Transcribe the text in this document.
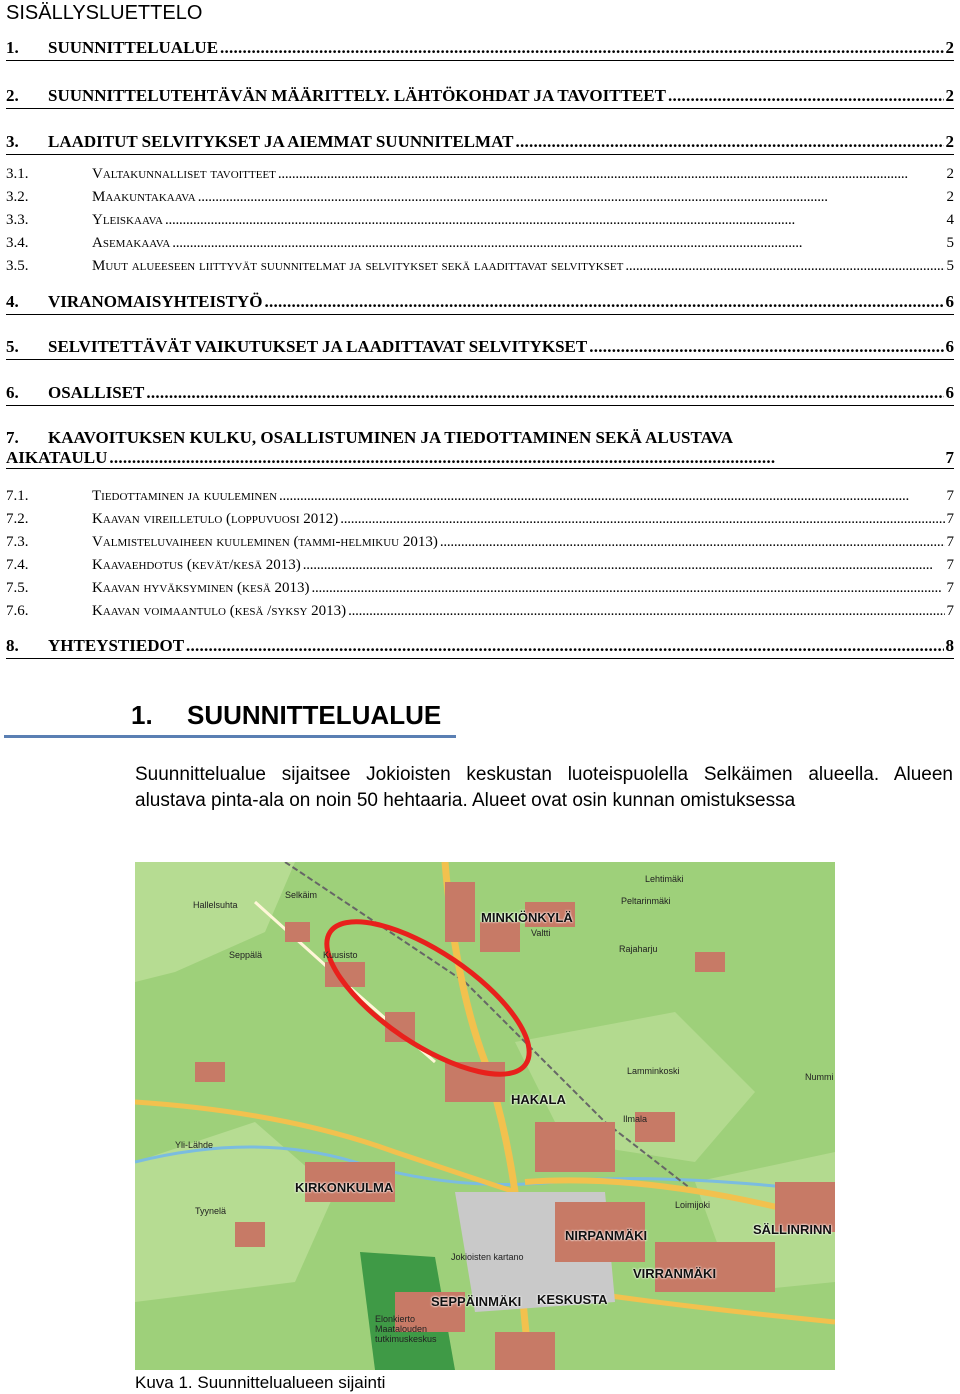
SISÄLLYSLUETTELO
1.	SUUNNITTELUALUE . . .	2
2.	SUUNNITTELUTEHTÄVÄN MÄÄRITTELY. LÄHTÖKOHDAT JA TAVOITTEET . . .	2
3.	LAADITUT SELVITYKSET JA AIEMMAT SUUNNITELMAT . . .	2
3.1.	Valtakunnalliset tavoitteet . . .	2
3.2.	Maakuntakaava . . .	2
3.3.	Yleiskaava . . .	4
3.4.	Asemakaava . . .	5
3.5.	Muut alueeseen liittyvät suunnitelmat ja selvitykset sekä laadittavat selvitykset . . .	5
4.	VIRANOMAISYHTEISTYÖ . . .	6
5.	SELVITETTÄVÄT VAIKUTUKSET JA LAADITTAVAT SELVITYKSET . . .	6
6.	OSALLISET . . .	6
7. KAAVOITUKSEN KULKU, OSALLISTUMINEN JA TIEDOTTAMINEN SEKÄ ALUSTAVA
AIKATAULU . . .	7
7.1.	Tiedottaminen ja kuuleminen . . .	7
7.2.	Kaavan vireilletulo (loppuvuosi 2012) . . .	7
7.3.	Valmisteluvaiheen kuuleminen (tammi-helmikuu 2013) . . .	7
7.4.	Kaavaehdotus (kevät/kesä 2013) . . .	7
7.5.	Kaavan hyväksyminen (kesä 2013) . . .	7
7.6.	Kaavan voimaantulo (kesä /syksy 2013) . . .	7
8.	YHTEYSTIEDOT . . .	8
1. SUUNNITTELUALUE
Suunnittelualue sijaitsee Jokioisten keskustan luoteispuolella Selkäimen alueella. Alueen alustava pinta-ala on noin 50 hehtaaria. Alueet ovat osin kunnan omistuksessa
MINKIÖNKYLÄ
HAKALA
KIRKONKULMA
NIRPANMÄKI	SÄLLINRINN
VIRRANMÄKI
SEPPÄINMÄKI KESKUSTA
Selkäim
Kuusisto
Hallelsuhta
Seppälä
Yli-Lähde
Tyynelä
Lehtimäki
Peltarinmäki
Valtti
Rajaharju
Lamminkoski
Ilmala
Nummi
Loimijoki
Jokioisten kartano
Elonkierto Maatalouden tutkimuskeskus
Kuva 1. Suunnittelualueen sijainti
